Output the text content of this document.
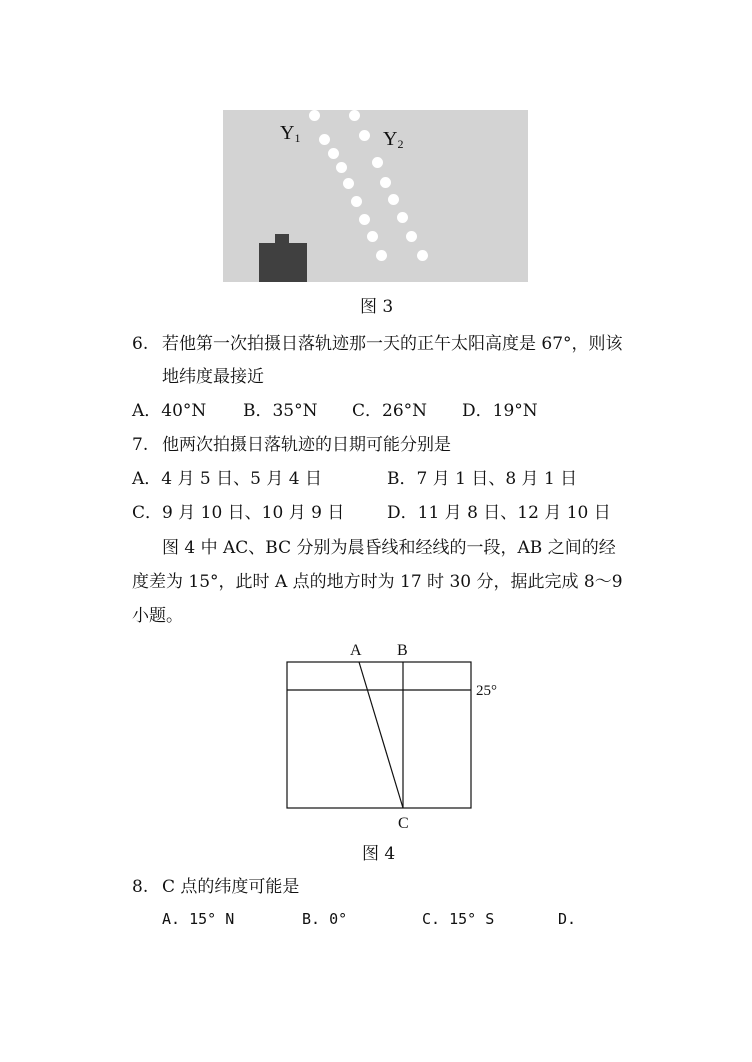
$Y_1$	$Y_2$
图 3
6. 若他第一次拍摄日落轨迹那一天的正午太阳高度是 67°，则该
地纬度最接近
A．40°N B．35°N C．26°N D．19°N
7. 他两次拍摄日落轨迹的日期可能分别是
A．4 月 5 日、5 月 4 日	B．7 月 1 日、8 月 1 日
C．9 月 10 日、10 月 9 日	D．11 月 8 日、12 月 10 日
图 4 中 AC、BC 分别为晨昏线和经线的一段，AB 之间的经
度差为 15°，此时 A 点的地方时为 17 时 30 分，据此完成 8～9
小题。
A B
C
25°
图 4
8. C 点的纬度可能是
A. 15° N	B. 0°	C. 15° S	D.
